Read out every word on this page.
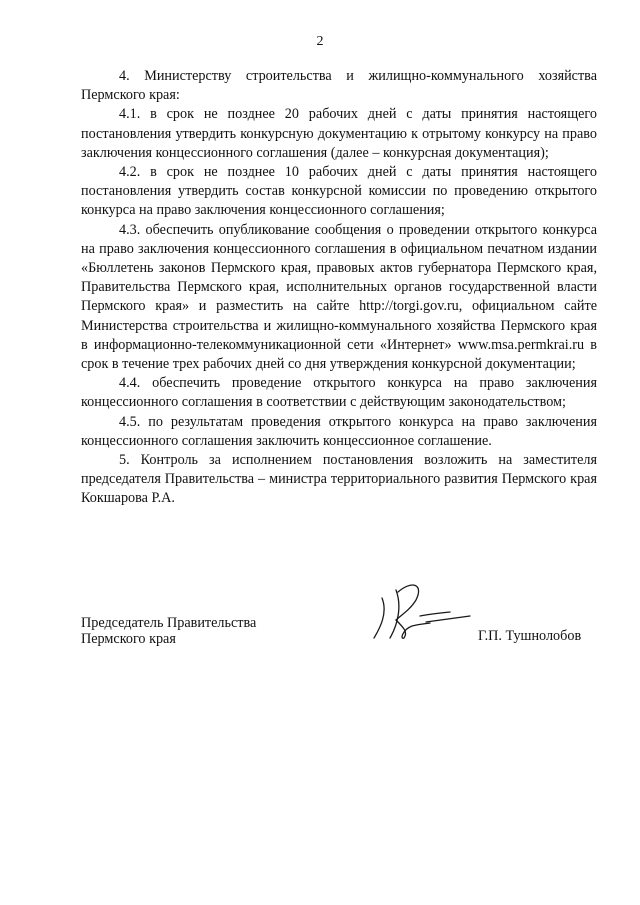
2

4. Министерству строительства и жилищно-коммунального хозяйства Пермского края:

4.1. в срок не позднее 20 рабочих дней с даты принятия настоящего постановления утвердить конкурсную документацию к отрытому конкурсу на право заключения концессионного соглашения (далее – конкурсная документация);

4.2. в срок не позднее 10 рабочих дней с даты принятия настоящего постановления утвердить состав конкурсной комиссии по проведению открытого конкурса на право заключения концессионного соглашения;

4.3. обеспечить опубликование сообщения о проведении открытого конкурса на право заключения концессионного соглашения в официальном печатном издании «Бюллетень законов Пермского края, правовых актов губернатора Пермского края, Правительства Пермского края, исполнительных органов государственной власти Пермского края» и разместить на сайте http://torgi.gov.ru, официальном сайте Министерства строительства и жилищно-коммунального хозяйства Пермского края в информационно-телекоммуникационной сети «Интернет» www.msa.permkrai.ru в срок в течение трех рабочих дней со дня утверждения конкурсной документации;

4.4. обеспечить проведение открытого конкурса на право заключения концессионного соглашения в соответствии с действующим законодательством;

4.5. по результатам проведения открытого конкурса на право заключения концессионного соглашения заключить концессионное соглашение.

5. Контроль за исполнением постановления возложить на заместителя председателя Правительства – министра территориального развития Пермского края Кокшарова Р.А.

Председатель Правительства
Пермского края	Г.П. Тушнолобов
